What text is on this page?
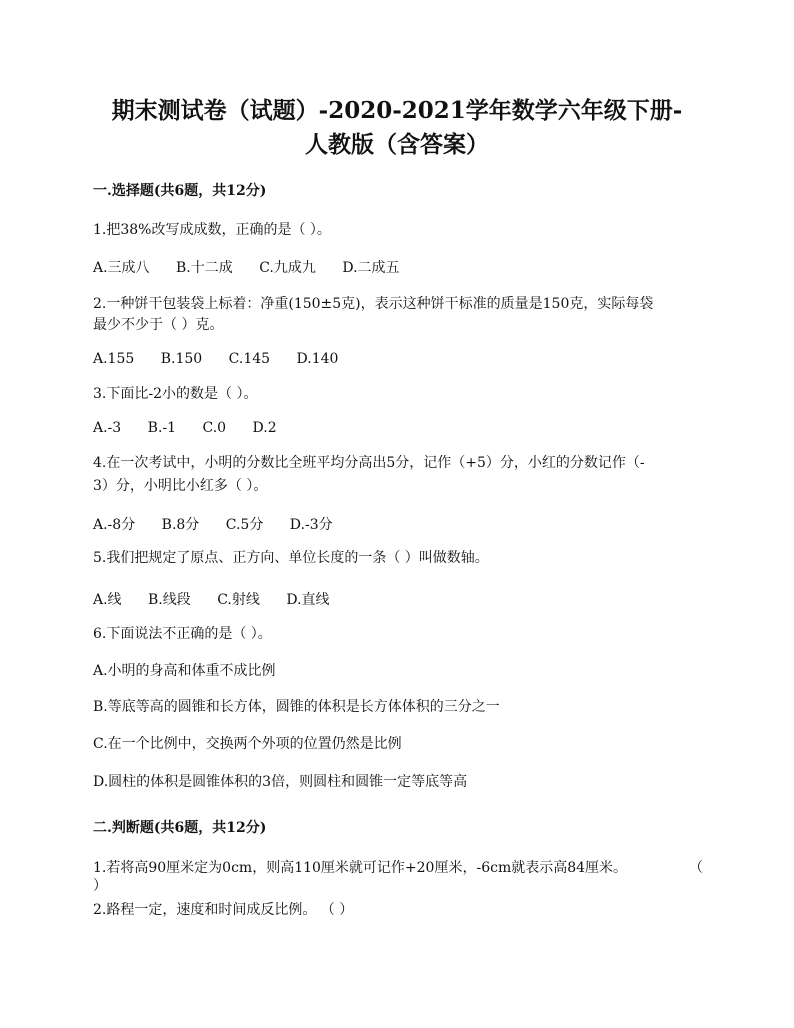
期末测试卷（试题）-2020-2021学年数学六年级下册-
人教版（含答案）
一.选择题(共6题，共12分)
1.把38%改写成成数，正确的是（ ）。
A.三成八 B.十二成 C.九成九 D.二成五
2.一种饼干包装袋上标着：净重(150±5克)，表示这种饼干标准的质量是150克，实际每袋
最少不少于（ ）克。
A.155 B.150 C.145 D.140
3.下面比-2小的数是（ ）。
A.-3 B.-1 C.0 D.2
4.在一次考试中，小明的分数比全班平均分高出5分，记作（+5）分，小红的分数记作（-
3）分，小明比小红多（ ）。
A.-8分 B.8分 C.5分 D.-3分
5.我们把规定了原点、正方向、单位长度的一条（ ）叫做数轴。
A.线 B.线段 C.射线 D.直线
6.下面说法不正确的是（ ）。
A.小明的身高和体重不成比例
B.等底等高的圆锥和长方体，圆锥的体积是长方体体积的三分之一
C.在一个比例中，交换两个外项的位置仍然是比例
D.圆柱的体积是圆锥体积的3倍，则圆柱和圆锥一定等底等高
二.判断题(共6题，共12分)
1.若将高90厘米定为0cm，则高110厘米就可记作+20厘米，-6cm就表示高84厘米。	（
）
2.路程一定，速度和时间成反比例。 （ ）
